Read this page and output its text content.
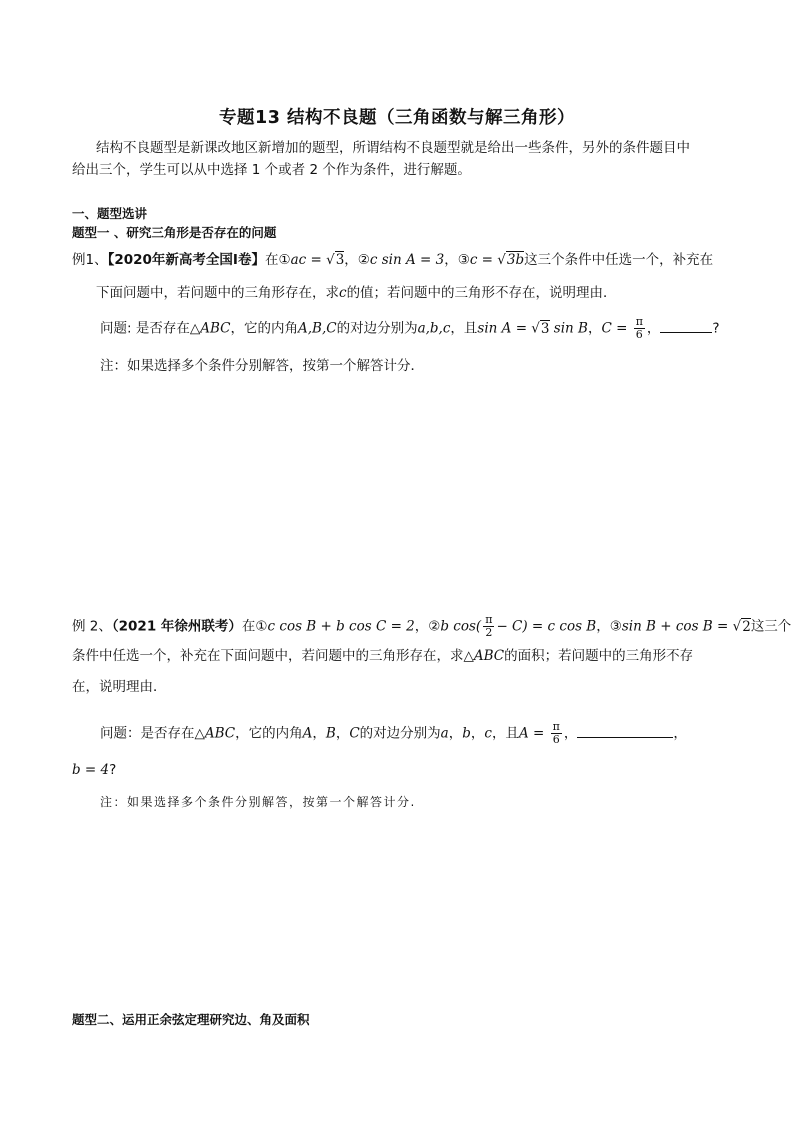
专题13 结构不良题（三角函数与解三角形）
结构不良题型是新课改地区新增加的题型，所谓结构不良题型就是给出一些条件，另外的条件题目中
给出三个，学生可以从中选择 1 个或者 2 个作为条件，进行解题。
一、题型选讲
题型一 、研究三角形是否存在的问题
例1、【2020年新高考全国Ⅰ卷】在①ac = √3，②c sin A = 3，③c = √3b这三个条件中任选一个，补充在
下面问题中，若问题中的三角形存在，求c的值；若问题中的三角形不存在，说明理由．
问题: 是否存在△ABC，它的内角A,B,C的对边分别为a,b,c，且sin A = √3 sin B，$C = \frac{\pi}{6}$ ，	?
注：如果选择多个条件分别解答，按第一个解答计分．
例 2、（2021 年徐州联考）在①c cos B + b cos C = 2，②b $\cos( \frac{\pi}{2} - C) = c$ cos B，③sin B + cos B = √2这三个
条件中任选一个，补充在下面问题中，若问题中的三角形存在，求△ABC的面积；若问题中的三角形不存
在，说明理由．
问题：是否存在△ABC，它的内角A，B，C的对边分别为a，b，c，且$A = \frac{\pi}{6}$ ，	，
b = 4?
注：如果选择多个条件分别解答，按第一个解答计分.
题型二、运用正余弦定理研究边、角及面积
